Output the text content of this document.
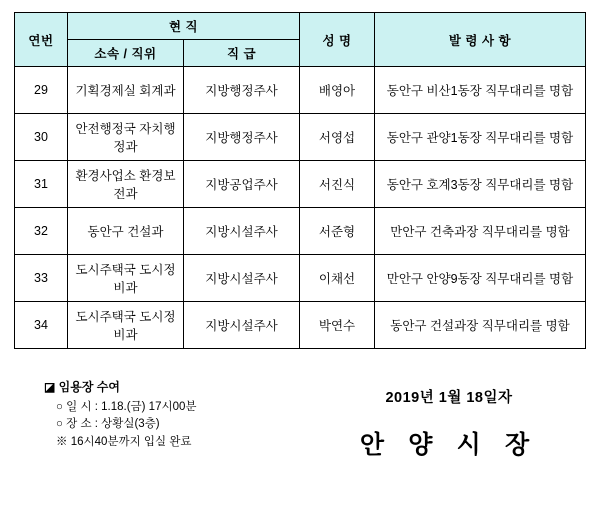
연번	현 직		성 명	발 령 사 항
	소속 / 직위	직 급		
29	기획경제실 회계과	지방행정주사	배영아	동안구 비산1동장 직무대리를 명함
30	안전행정국 자치행정과	지방행정주사	서영섭	동안구 관양1동장 직무대리를 명함
31	환경사업소 환경보전과	지방공업주사	서진식	동안구 호계3동장 직무대리를 명함
32	동안구 건설과	지방시설주사	서준형	만안구 건축과장 직무대리를 명함
33	도시주택국 도시정비과	지방시설주사	이채선	만안구 안양9동장 직무대리를 명함
34	도시주택국 도시정비과	지방시설주사	박연수	동안구 건설과장 직무대리를 명함
◪ 임용장 수여
○ 일 시 : 1.18.(금) 17시00분
○ 장 소 : 상황실(3층)
※ 16시40분까지 입실 완료
2019년 1월 18일자
안 양 시 장
